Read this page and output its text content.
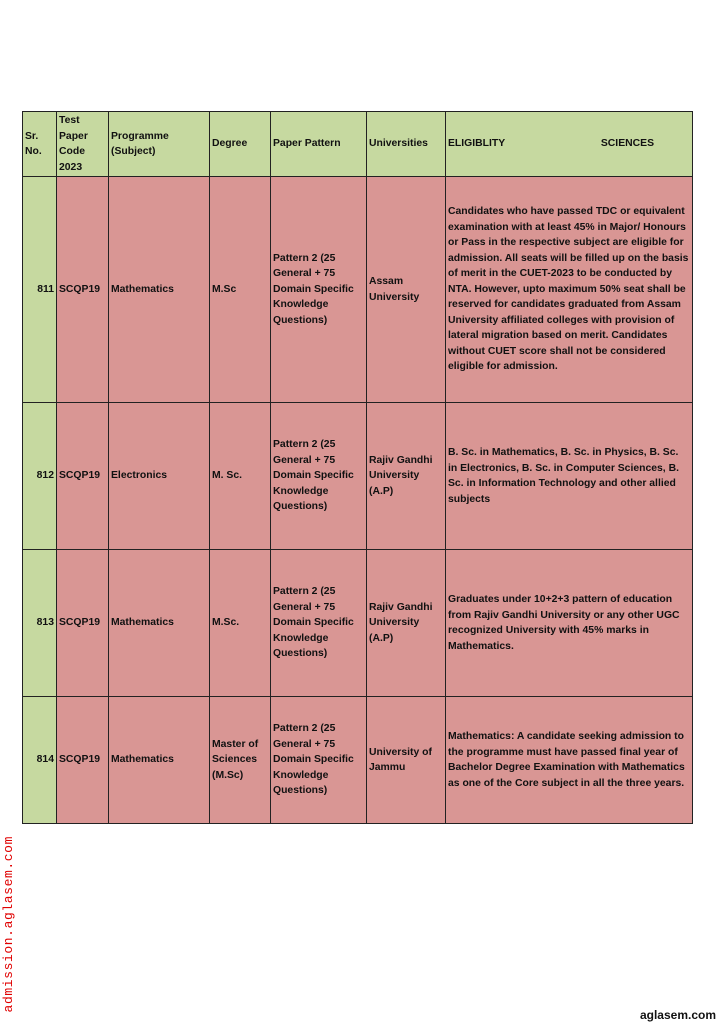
Sr. No.	Test Paper Code 2023	Programme (Subject)	Degree	Paper Pattern	Universities	ELIGIBLITY SCIENCES

811	SCQP19	Mathematics	M.Sc	Pattern 2 (25 General + 75 Domain Specific Knowledge Questions)	Assam University	Candidates who have passed TDC or equivalent examination with at least 45% in Major/ Honours or Pass in the respective subject are eligible for admission. All seats will be filled up on the basis of merit in the CUET-2023 to be conducted by NTA. However, upto maximum 50% seat shall be reserved for candidates graduated from Assam University affiliated colleges with provision of lateral migration based on merit. Candidates without CUET score shall not be considered eligible for admission.
812	SCQP19	Electronics	M. Sc.	Pattern 2 (25 General + 75 Domain Specific Knowledge Questions)	Rajiv Gandhi University (A.P)	B. Sc. in Mathematics, B. Sc. in Physics, B. Sc. in Electronics, B. Sc. in Computer Sciences, B. Sc. in Information Technology and other allied subjects
813	SCQP19	Mathematics	M.Sc.	Pattern 2 (25 General + 75 Domain Specific Knowledge Questions)	Rajiv Gandhi University (A.P)	Graduates under 10+2+3 pattern of education from Rajiv Gandhi University or any other UGC recognized University with 45% marks in Mathematics.
814	SCQP19	Mathematics	Master of Sciences (M.Sc)	Pattern 2 (25 General + 75 Domain Specific Knowledge Questions)	University of Jammu	Mathematics: A candidate seeking admission to the programme must have passed final year of Bachelor Degree Examination with Mathematics as one of the Core subject in all the three years.
admission.aglasem.com
aglasem.com
